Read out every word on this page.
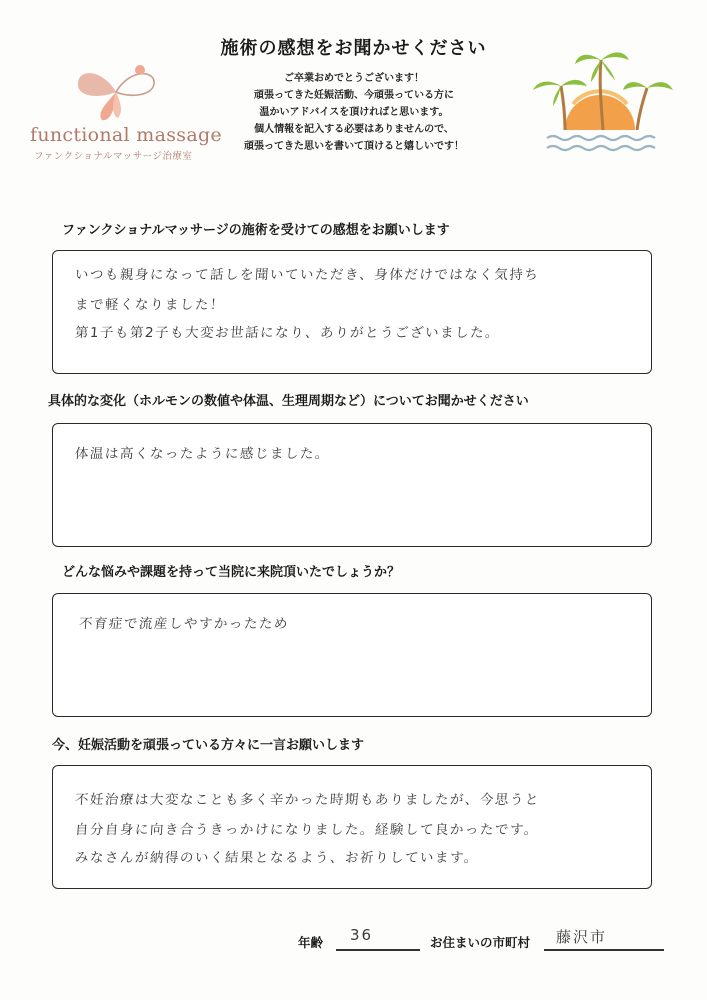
functional massage
ファンクショナルマッサージ治療室
施術の感想をお聞かせください
ご卒業おめでとうございます！
頑張ってきた妊娠活動、今頑張っている方に
温かいアドバイスを頂ければと思います。
個人情報を記入する必要はありませんので、
頑張ってきた思いを書いて頂けると嬉しいです！
ファンクショナルマッサージの施術を受けての感想をお願いします
いつも親身になって話しを聞いていただき、身体だけではなく気持ち
まで軽くなりました！
第1子も第2子も大変お世話になり、ありがとうございました。
具体的な変化（ホルモンの数値や体温、生理周期など）についてお聞かせください
体温は高くなったように感じました。
どんな悩みや課題を持って当院に来院頂いたでしょうか？
不育症で流産しやすかったため
今、妊娠活動を頑張っている方々に一言お願いします
不妊治療は大変なことも多く辛かった時期もありましたが、今思うと
自分自身に向き合うきっかけになりました。経験して良かったです。
みなさんが納得のいく結果となるよう、お祈りしています。
年齢 36	お住まいの市町村 藤沢市
